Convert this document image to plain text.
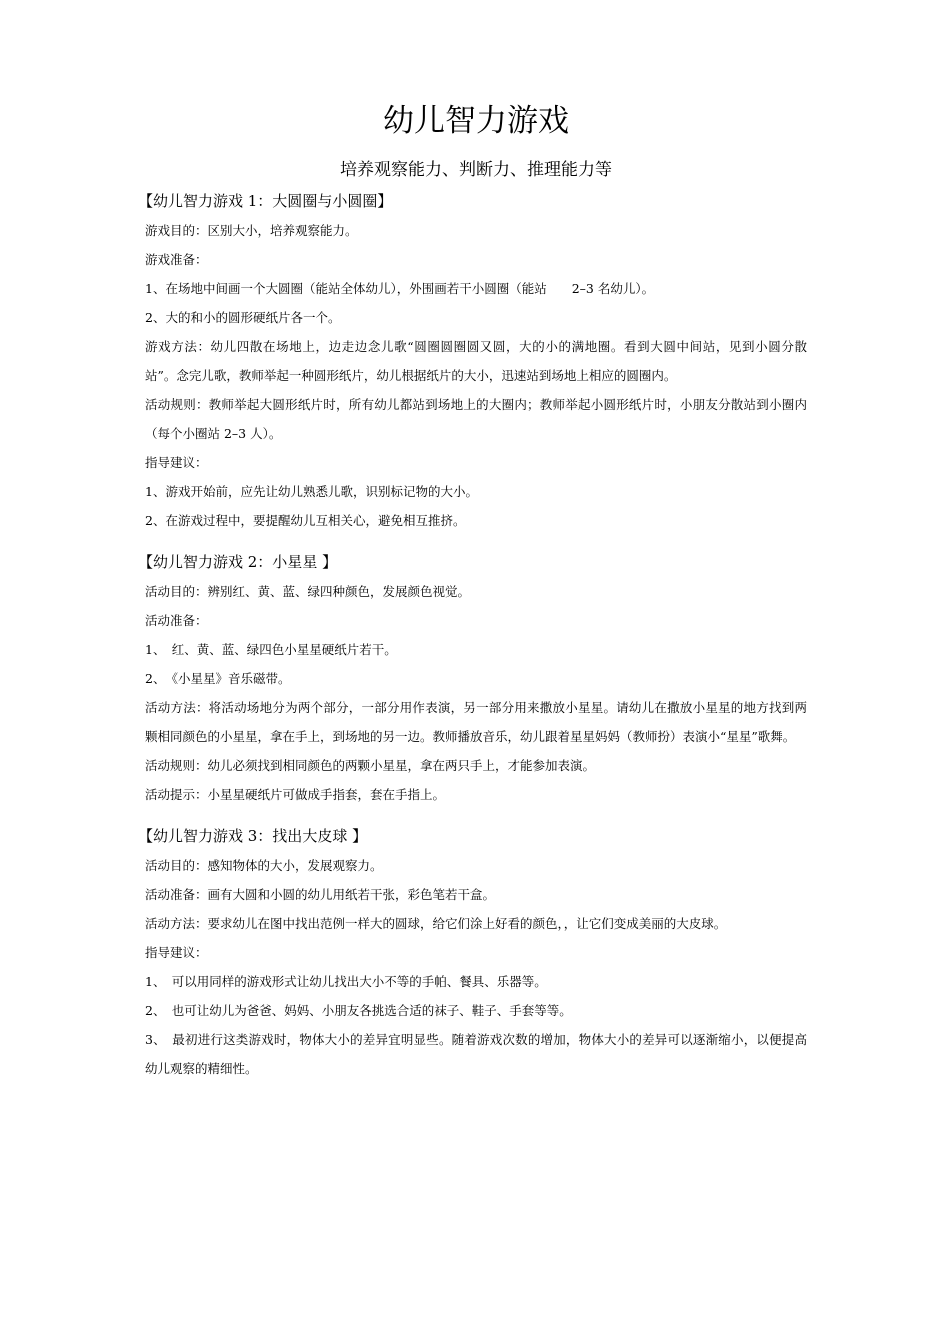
幼儿智力游戏
培养观察能力、判断力、推理能力等
【幼儿智力游戏 1：大圆圈与小圆圈】

游戏目的：区别大小，培养观察能力。

游戏准备：

1、在场地中间画一个大圆圈（能站全体幼儿），外围画若干小圆圈（能站　　2–3 名幼儿）。

2、大的和小的圆形硬纸片各一个。

游戏方法：幼儿四散在场地上，边走边念儿歌“圆圈圆圈圆又圆，大的小的满地圈。看到大圆中间站，见到小圆分散站”。念完儿歌，教师举起一种圆形纸片，幼儿根据纸片的大小，迅速站到场地上相应的圆圈内。

活动规则：教师举起大圆形纸片时，所有幼儿都站到场地上的大圈内；教师举起小圆形纸片时，小朋友分散站到小圈内（每个小圈站 2–3 人）。

指导建议：

1、游戏开始前，应先让幼儿熟悉儿歌，识别标记物的大小。

2、在游戏过程中，要提醒幼儿互相关心，避免相互推挤。

【幼儿智力游戏 2：小星星 】

活动目的：辨别红、黄、蓝、绿四种颜色，发展颜色视觉。

活动准备：

1、　红、黄、蓝、绿四色小星星硬纸片若干。

2、　《小星星》音乐磁带。

活动方法：将活动场地分为两个部分，一部分用作表演，另一部分用来撒放小星星。请幼儿在撒放小星星的地方找到两颗相同颜色的小星星，拿在手上，到场地的另一边。教师播放音乐，幼儿跟着星星妈妈（教师扮）表演小“星星”歌舞。

活动规则：幼儿必须找到相同颜色的两颗小星星，拿在两只手上，才能参加表演。

活动提示：小星星硬纸片可做成手指套，套在手指上。

【幼儿智力游戏 3：找出大皮球 】

活动目的：感知物体的大小，发展观察力。

活动准备：画有大圆和小圆的幼儿用纸若干张，彩色笔若干盒。

活动方法：要求幼儿在图中找出范例一样大的圆球，给它们涂上好看的颜色，，让它们变成美丽的大皮球。

指导建议：

1、　可以用同样的游戏形式让幼儿找出大小不等的手帕、餐具、乐器等。

2、　也可让幼儿为爸爸、妈妈、小朋友各挑选合适的袜子、鞋子、手套等等。

3、　最初进行这类游戏时，物体大小的差异宜明显些。随着游戏次数的增加，物体大小的差异可以逐渐缩小，以便提高幼儿观察的精细性。
